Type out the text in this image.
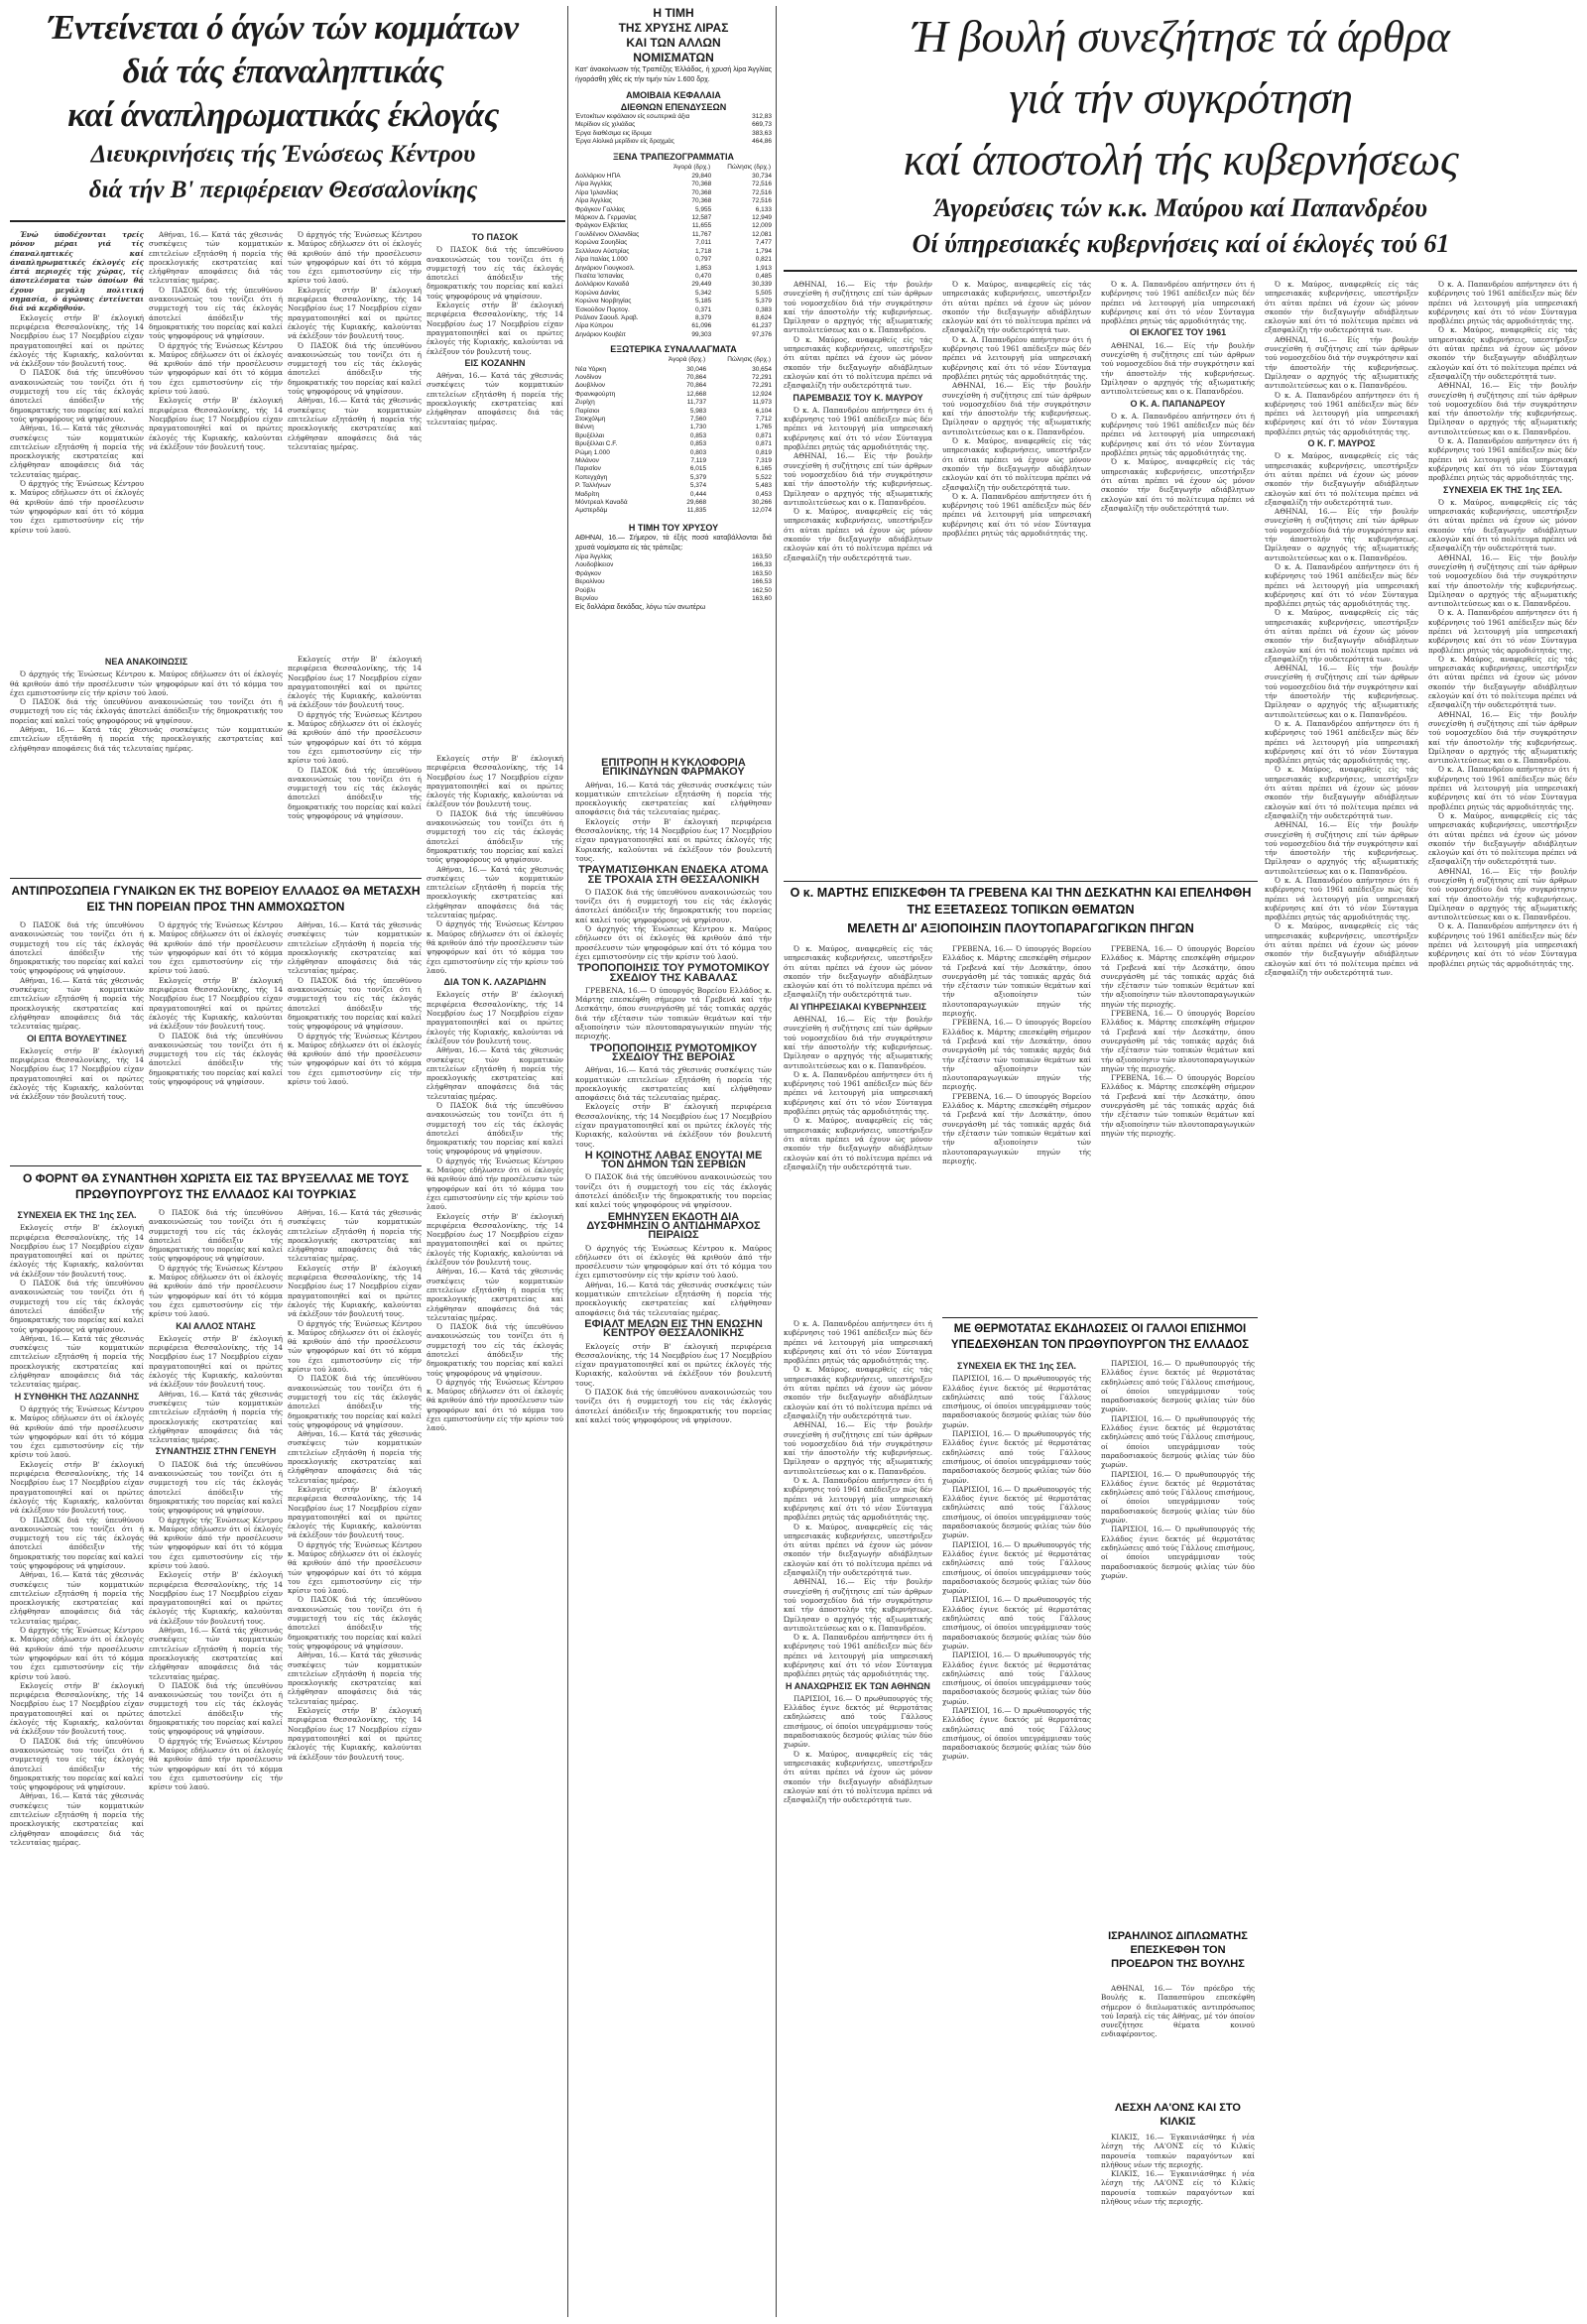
Έντείνεται ό άγών τών κομμάτων
διά τάς έπαναληπτικάς
καί άναπληρωματικάς έκλογάς
Διευκρινήσεις τής Ένώσεως Κέντρου
διά τήν Β' περιφέρειαν Θεσσαλονίκης
Η ΤΙΜΗ
ΤΗΣ ΧΡΥΣΗΣ ΛΙΡΑΣ
ΚΑΙ ΤΩΝ ΑΛΛΩΝ
ΝΟΜΙΣΜΑΤΩΝ
Κατ' άνακοίνωσιν τής Τραπέζης Έλλάδος, ή χρυσή λίρα Άγγλίας ήγοράσθη χθές είς τήν τιμήν τών 1.600 δρχ.
ΑΜΟΙΒΑΙΑ ΚΕΦΑΛΑΙΑ
ΔΙΕΘΝΩΝ ΕΠΕΝΔΥΣΕΩΝ
Έντοκίτων κεφάλαιον είς εσωτερικά άξια	312,83
Μερίδιον είς χιλιάδας	669,73
Έργα διαθέσιμα εις ίδρυμα	383,63
Έργα Αίολικά μερίδιον είς δραχμάς	464,86
ΞΕΝΑ ΤΡΑΠΕΖΟΓΡΑΜΜΑΤΙΑ
	Άγορά (δρχ.)	Πώλησις (δρχ.)
Δολλάριον ΗΠΑ	29,840	30,734
Λίρα Άγγλίας	70,368	72,516
Λίρα Ίρλανδίας	70,368	72,516
Λίρα Άγγλίας	70,368	72,516
Φράγκον Γαλλίας	5,955	6,133
Μάρκον Δ. Γερμανίας	12,587	12,949
Φράγκον Ελβετίας	11,655	12,009
Γουλδένιον Ολλανδίας	11,767	12,081
Κορώνα Σουηδίας	7,011	7,477
Σελλίνιον Αύστρίας	1,718	1,794
Λίρα Ιταλίας 1.000	0,797	0,821
Δηνάριον Γιουγκοσλ.	1,853	1,913
Πεσέτα Ίσπανίας	0,470	0,485
Δολλάριον Καναδά	29,449	30,339
Κορώνα Δανίας	5,342	5,505
Κορώνα Νορβηγίας	5,185	5,379
Έσκούδον Πορτογ.	0,371	0,383
Ρεάλιον Σαουδ. Άραβ.	8,379	8,624
Λίρα Κύπρου	61,096	61,237
Δηνάριον Κουβέιτ	99,303	97,376
ΕΞΩΤΕΡΙΚΑ ΣΥΝΑΛΛΑΓΜΑΤΑ
	Άγορά (δρχ.)	Πώλησις (δρχ.)
Νέα Υόρκη	30,046	30,654
Λονδίνον	70,864	72,291
Δουβλίνον	70,864	72,291
Φρανκφούρτη	12,668	12,924
Ζυρίχη	11,737	11,973
Παρίσιοι	5,983	6,104
Στοκχόλμη	7,560	7,712
Βιέννη	1,730	1,765
Βρυξέλλαι	0,853	0,871
Βρυξέλλαι C.F.	0,853	0,871
Ρώμη 1.000	0,803	0,819
Μιλάνον	7,119	7,319
Παρισίον	6,015	6,165
Κοπεγχάγη	5,379	5,522
Ρ. Ταλλήνων	5,374	5,483
Μαδρίτη	0,444	0,453
Μόντρεαλ Καναδά	29,668	30,266
Αμστερδάμ	11,835	12,074
Η ΤΙΜΗ ΤΟΥ ΧΡΥΣΟΥ
ΑΘΗΝΑΙ, 16.— Σήμερον, τά έξής ποσά καταβάλλονται διά χρυσά νομίσματα είς τάς τράπεζας:
Λίρα Άγγλίας	163,50
Λουδοβίκειον	166,33
Φράγκον	163,50
Βερολίνου	166,53
Ρούβλι	162,50
Βερνίου	163,60
Είς δολλάρια δεκάδας, λόγω τών ανωτέρω
Ή βουλή συνεζήτησε τά άρθρα
γιά τήν συγκρότηση
καί άποστολή τής κυβερνήσεως
Άγορεύσεις τών κ.κ. Μαύρου καί Παπανδρέου
Οί ύπηρεσιακές κυβερνήσεις καί οί έκλογές τού 61

Ένώ ύποδέχονται τρείς μόνον μέραι γιά τίς έπαναληπτικές καί άναπληρωματικές έκλογές είς έπτά περιοχές τής χώρας, τίς άποτελέσματα τών όποίων θά έχουν μεγάλη πολιτική σημασία, ό άγώνας έντείνεται διά νά κερδηθούν.

Εκλογείς στήν Β' έκλογική περιφέρεια Θεσσαλονίκης, τής 14 Νοεμβρίου έως 17 Νοεμβρίου είχαν πραγματοποιηθεί καί οι πρώτες έκλογές τής Κυριακής, καλούνται νά έκλέξουν τόν βουλευτή τους.

Ό ΠΑΣΟΚ διά τής ύπευθύνου ανακοινώσεώς του τονίζει ότι ή συμμετοχή του είς τάς έκλογάς άποτελεί άπόδειξιν τής δημοκρατικής του πορείας καί καλεί τούς ψηφοφόρους νά ψηφίσουν.

Αθήναι, 16.— Κατά τάς χθεσινάς συσκέψεις τών κομματικών επιτελείων εξητάσθη ή πορεία τής προεκλογικής εκστρατείας καί ελήφθησαν αποφάσεις διά τάς τελευταίας ημέρας.

Ό άρχηγός τής Ένώσεως Κέντρου κ. Μαύρος εδήλωσεν ότι οί έκλογές θά κριθούν άπό τήν προσέλευσιν τών ψηφοφόρων καί ότι τό κόμμα του έχει εμπιστοσύνην είς τήν κρίσιν τού λαού.

Αθήναι, 16.— Κατά τάς χθεσινάς συσκέψεις τών κομματικών επιτελείων εξητάσθη ή πορεία τής προεκλογικής εκστρατείας καί ελήφθησαν αποφάσεις διά τάς τελευταίας ημέρας.

Ό ΠΑΣΟΚ διά τής ύπευθύνου ανακοινώσεώς του τονίζει ότι ή συμμετοχή του είς τάς έκλογάς άποτελεί άπόδειξιν τής δημοκρατικής του πορείας καί καλεί τούς ψηφοφόρους νά ψηφίσουν.

Ό άρχηγός τής Ένώσεως Κέντρου κ. Μαύρος εδήλωσεν ότι οί έκλογές θά κριθούν άπό τήν προσέλευσιν τών ψηφοφόρων καί ότι τό κόμμα του έχει εμπιστοσύνην είς τήν κρίσιν τού λαού.

Εκλογείς στήν Β' έκλογική περιφέρεια Θεσσαλονίκης, τής 14 Νοεμβρίου έως 17 Νοεμβρίου είχαν πραγματοποιηθεί καί οι πρώτες έκλογές τής Κυριακής, καλούνται νά έκλέξουν τόν βουλευτή τους.

Ό άρχηγός τής Ένώσεως Κέντρου κ. Μαύρος εδήλωσεν ότι οί έκλογές θά κριθούν άπό τήν προσέλευσιν τών ψηφοφόρων καί ότι τό κόμμα του έχει εμπιστοσύνην είς τήν κρίσιν τού λαού.

Εκλογείς στήν Β' έκλογική περιφέρεια Θεσσαλονίκης, τής 14 Νοεμβρίου έως 17 Νοεμβρίου είχαν πραγματοποιηθεί καί οι πρώτες έκλογές τής Κυριακής, καλούνται νά έκλέξουν τόν βουλευτή τους.

Ό ΠΑΣΟΚ διά τής ύπευθύνου ανακοινώσεώς του τονίζει ότι ή συμμετοχή του είς τάς έκλογάς άποτελεί άπόδειξιν τής δημοκρατικής του πορείας καί καλεί τούς ψηφοφόρους νά ψηφίσουν.

Αθήναι, 16.— Κατά τάς χθεσινάς συσκέψεις τών κομματικών επιτελείων εξητάσθη ή πορεία τής προεκλογικής εκστρατείας καί ελήφθησαν αποφάσεις διά τάς τελευταίας ημέρας.

ΤΟ ΠΑΣΟΚ

Ό ΠΑΣΟΚ διά τής ύπευθύνου ανακοινώσεώς του τονίζει ότι ή συμμετοχή του είς τάς έκλογάς άποτελεί άπόδειξιν τής δημοκρατικής του πορείας καί καλεί τούς ψηφοφόρους νά ψηφίσουν.

Εκλογείς στήν Β' έκλογική περιφέρεια Θεσσαλονίκης, τής 14 Νοεμβρίου έως 17 Νοεμβρίου είχαν πραγματοποιηθεί καί οι πρώτες έκλογές τής Κυριακής, καλούνται νά έκλέξουν τόν βουλευτή τους.

ΕΙΣ ΚΟΖΑΝΗΝ

Αθήναι, 16.— Κατά τάς χθεσινάς συσκέψεις τών κομματικών επιτελείων εξητάσθη ή πορεία τής προεκλογικής εκστρατείας καί ελήφθησαν αποφάσεις διά τάς τελευταίας ημέρας.

ΝΕΑ ΑΝΑΚΟΙΝΩΣΙΣ

Ό άρχηγός τής Ένώσεως Κέντρου κ. Μαύρος εδήλωσεν ότι οί έκλογές θά κριθούν άπό τήν προσέλευσιν τών ψηφοφόρων καί ότι τό κόμμα του έχει εμπιστοσύνην είς τήν κρίσιν τού λαού.

Ό ΠΑΣΟΚ διά τής ύπευθύνου ανακοινώσεώς του τονίζει ότι ή συμμετοχή του είς τάς έκλογάς άποτελεί άπόδειξιν τής δημοκρατικής του πορείας καί καλεί τούς ψηφοφόρους νά ψηφίσουν.

Αθήναι, 16.— Κατά τάς χθεσινάς συσκέψεις τών κομματικών επιτελείων εξητάσθη ή πορεία τής προεκλογικής εκστρατείας καί ελήφθησαν αποφάσεις διά τάς τελευταίας ημέρας.

Εκλογείς στήν Β' έκλογική περιφέρεια Θεσσαλονίκης, τής 14 Νοεμβρίου έως 17 Νοεμβρίου είχαν πραγματοποιηθεί καί οι πρώτες έκλογές τής Κυριακής, καλούνται νά έκλέξουν τόν βουλευτή τους.

Ό άρχηγός τής Ένώσεως Κέντρου κ. Μαύρος εδήλωσεν ότι οί έκλογές θά κριθούν άπό τήν προσέλευσιν τών ψηφοφόρων καί ότι τό κόμμα του έχει εμπιστοσύνην είς τήν κρίσιν τού λαού.

Ό ΠΑΣΟΚ διά τής ύπευθύνου ανακοινώσεώς του τονίζει ότι ή συμμετοχή του είς τάς έκλογάς άποτελεί άπόδειξιν τής δημοκρατικής του πορείας καί καλεί τούς ψηφοφόρους νά ψηφίσουν.

ΑΝΤΙΠΡΟΣΩΠΕΙΑ ΓΥΝΑΙΚΩΝ ΕΚ ΤΗΣ ΒΟΡΕΙΟΥ ΕΛΛΑΔΟΣ ΘΑ ΜΕΤΑΣΧΗ ΕΙΣ ΤΗΝ ΠΟΡΕΙΑΝ ΠΡΟΣ ΤΗΝ ΑΜΜΟΧΩΣΤΟΝ

Ό ΠΑΣΟΚ διά τής ύπευθύνου ανακοινώσεώς του τονίζει ότι ή συμμετοχή του είς τάς έκλογάς άποτελεί άπόδειξιν τής δημοκρατικής του πορείας καί καλεί τούς ψηφοφόρους νά ψηφίσουν.

Αθήναι, 16.— Κατά τάς χθεσινάς συσκέψεις τών κομματικών επιτελείων εξητάσθη ή πορεία τής προεκλογικής εκστρατείας καί ελήφθησαν αποφάσεις διά τάς τελευταίας ημέρας.

ΟΙ ΕΠΤΑ ΒΟΥΛΕΥΤΙΝΕΣ

Εκλογείς στήν Β' έκλογική περιφέρεια Θεσσαλονίκης, τής 14 Νοεμβρίου έως 17 Νοεμβρίου είχαν πραγματοποιηθεί καί οι πρώτες έκλογές τής Κυριακής, καλούνται νά έκλέξουν τόν βουλευτή τους.

Ό άρχηγός τής Ένώσεως Κέντρου κ. Μαύρος εδήλωσεν ότι οί έκλογές θά κριθούν άπό τήν προσέλευσιν τών ψηφοφόρων καί ότι τό κόμμα του έχει εμπιστοσύνην είς τήν κρίσιν τού λαού.

Εκλογείς στήν Β' έκλογική περιφέρεια Θεσσαλονίκης, τής 14 Νοεμβρίου έως 17 Νοεμβρίου είχαν πραγματοποιηθεί καί οι πρώτες έκλογές τής Κυριακής, καλούνται νά έκλέξουν τόν βουλευτή τους.

Ό ΠΑΣΟΚ διά τής ύπευθύνου ανακοινώσεώς του τονίζει ότι ή συμμετοχή του είς τάς έκλογάς άποτελεί άπόδειξιν τής δημοκρατικής του πορείας καί καλεί τούς ψηφοφόρους νά ψηφίσουν.

Αθήναι, 16.— Κατά τάς χθεσινάς συσκέψεις τών κομματικών επιτελείων εξητάσθη ή πορεία τής προεκλογικής εκστρατείας καί ελήφθησαν αποφάσεις διά τάς τελευταίας ημέρας.

Ό ΠΑΣΟΚ διά τής ύπευθύνου ανακοινώσεώς του τονίζει ότι ή συμμετοχή του είς τάς έκλογάς άποτελεί άπόδειξιν τής δημοκρατικής του πορείας καί καλεί τούς ψηφοφόρους νά ψηφίσουν.

Ό άρχηγός τής Ένώσεως Κέντρου κ. Μαύρος εδήλωσεν ότι οί έκλογές θά κριθούν άπό τήν προσέλευσιν τών ψηφοφόρων καί ότι τό κόμμα του έχει εμπιστοσύνην είς τήν κρίσιν τού λαού.

Εκλογείς στήν Β' έκλογική περιφέρεια Θεσσαλονίκης, τής 14 Νοεμβρίου έως 17 Νοεμβρίου είχαν πραγματοποιηθεί καί οι πρώτες έκλογές τής Κυριακής, καλούνται νά έκλέξουν τόν βουλευτή τους.

Ό ΠΑΣΟΚ διά τής ύπευθύνου ανακοινώσεώς του τονίζει ότι ή συμμετοχή του είς τάς έκλογάς άποτελεί άπόδειξιν τής δημοκρατικής του πορείας καί καλεί τούς ψηφοφόρους νά ψηφίσουν.

Αθήναι, 16.— Κατά τάς χθεσινάς συσκέψεις τών κομματικών επιτελείων εξητάσθη ή πορεία τής προεκλογικής εκστρατείας καί ελήφθησαν αποφάσεις διά τάς τελευταίας ημέρας.

Ό άρχηγός τής Ένώσεως Κέντρου κ. Μαύρος εδήλωσεν ότι οί έκλογές θά κριθούν άπό τήν προσέλευσιν τών ψηφοφόρων καί ότι τό κόμμα του έχει εμπιστοσύνην είς τήν κρίσιν τού λαού.

ΔΙΑ ΤΟΝ Κ. ΛΑΖΑΡΙΔΗΝ

Εκλογείς στήν Β' έκλογική περιφέρεια Θεσσαλονίκης, τής 14 Νοεμβρίου έως 17 Νοεμβρίου είχαν πραγματοποιηθεί καί οι πρώτες έκλογές τής Κυριακής, καλούνται νά έκλέξουν τόν βουλευτή τους.

Αθήναι, 16.— Κατά τάς χθεσινάς συσκέψεις τών κομματικών επιτελείων εξητάσθη ή πορεία τής προεκλογικής εκστρατείας καί ελήφθησαν αποφάσεις διά τάς τελευταίας ημέρας.

Ό ΠΑΣΟΚ διά τής ύπευθύνου ανακοινώσεώς του τονίζει ότι ή συμμετοχή του είς τάς έκλογάς άποτελεί άπόδειξιν τής δημοκρατικής του πορείας καί καλεί τούς ψηφοφόρους νά ψηφίσουν.

Ό άρχηγός τής Ένώσεως Κέντρου κ. Μαύρος εδήλωσεν ότι οί έκλογές θά κριθούν άπό τήν προσέλευσιν τών ψηφοφόρων καί ότι τό κόμμα του έχει εμπιστοσύνην είς τήν κρίσιν τού λαού.

Εκλογείς στήν Β' έκλογική περιφέρεια Θεσσαλονίκης, τής 14 Νοεμβρίου έως 17 Νοεμβρίου είχαν πραγματοποιηθεί καί οι πρώτες έκλογές τής Κυριακής, καλούνται νά έκλέξουν τόν βουλευτή τους.

Αθήναι, 16.— Κατά τάς χθεσινάς συσκέψεις τών κομματικών επιτελείων εξητάσθη ή πορεία τής προεκλογικής εκστρατείας καί ελήφθησαν αποφάσεις διά τάς τελευταίας ημέρας.

Ό ΠΑΣΟΚ διά τής ύπευθύνου ανακοινώσεώς του τονίζει ότι ή συμμετοχή του είς τάς έκλογάς άποτελεί άπόδειξιν τής δημοκρατικής του πορείας καί καλεί τούς ψηφοφόρους νά ψηφίσουν.

Ό άρχηγός τής Ένώσεως Κέντρου κ. Μαύρος εδήλωσεν ότι οί έκλογές θά κριθούν άπό τήν προσέλευσιν τών ψηφοφόρων καί ότι τό κόμμα του έχει εμπιστοσύνην είς τήν κρίσιν τού λαού.

Ο ΦΟΡΝΤ ΘΑ ΣΥΝΑΝΤΗΘΗ ΧΩΡΙΣΤΑ ΕΙΣ ΤΑΣ ΒΡΥΞΕΛΛΑΣ ΜΕ ΤΟΥΣ ΠΡΩΘΥΠΟΥΡΓΟΥΣ ΤΗΣ ΕΛΛΑΔΟΣ ΚΑΙ ΤΟΥΡΚΙΑΣ
ΣΥΝΕΧΕΙΑ ΕΚ ΤΗΣ 1ης ΣΕΛ.

Εκλογείς στήν Β' έκλογική περιφέρεια Θεσσαλονίκης, τής 14 Νοεμβρίου έως 17 Νοεμβρίου είχαν πραγματοποιηθεί καί οι πρώτες έκλογές τής Κυριακής, καλούνται νά έκλέξουν τόν βουλευτή τους.

Ό ΠΑΣΟΚ διά τής ύπευθύνου ανακοινώσεώς του τονίζει ότι ή συμμετοχή του είς τάς έκλογάς άποτελεί άπόδειξιν τής δημοκρατικής του πορείας καί καλεί τούς ψηφοφόρους νά ψηφίσουν.

Αθήναι, 16.— Κατά τάς χθεσινάς συσκέψεις τών κομματικών επιτελείων εξητάσθη ή πορεία τής προεκλογικής εκστρατείας καί ελήφθησαν αποφάσεις διά τάς τελευταίας ημέρας.

Η ΣΥΝΘΗΚΗ ΤΗΣ ΛΩΖΑΝΝΗΣ

Ό άρχηγός τής Ένώσεως Κέντρου κ. Μαύρος εδήλωσεν ότι οί έκλογές θά κριθούν άπό τήν προσέλευσιν τών ψηφοφόρων καί ότι τό κόμμα του έχει εμπιστοσύνην είς τήν κρίσιν τού λαού.

Εκλογείς στήν Β' έκλογική περιφέρεια Θεσσαλονίκης, τής 14 Νοεμβρίου έως 17 Νοεμβρίου είχαν πραγματοποιηθεί καί οι πρώτες έκλογές τής Κυριακής, καλούνται νά έκλέξουν τόν βουλευτή τους.

Ό ΠΑΣΟΚ διά τής ύπευθύνου ανακοινώσεώς του τονίζει ότι ή συμμετοχή του είς τάς έκλογάς άποτελεί άπόδειξιν τής δημοκρατικής του πορείας καί καλεί τούς ψηφοφόρους νά ψηφίσουν.

Αθήναι, 16.— Κατά τάς χθεσινάς συσκέψεις τών κομματικών επιτελείων εξητάσθη ή πορεία τής προεκλογικής εκστρατείας καί ελήφθησαν αποφάσεις διά τάς τελευταίας ημέρας.

Ό άρχηγός τής Ένώσεως Κέντρου κ. Μαύρος εδήλωσεν ότι οί έκλογές θά κριθούν άπό τήν προσέλευσιν τών ψηφοφόρων καί ότι τό κόμμα του έχει εμπιστοσύνην είς τήν κρίσιν τού λαού.

Εκλογείς στήν Β' έκλογική περιφέρεια Θεσσαλονίκης, τής 14 Νοεμβρίου έως 17 Νοεμβρίου είχαν πραγματοποιηθεί καί οι πρώτες έκλογές τής Κυριακής, καλούνται νά έκλέξουν τόν βουλευτή τους.

Ό ΠΑΣΟΚ διά τής ύπευθύνου ανακοινώσεώς του τονίζει ότι ή συμμετοχή του είς τάς έκλογάς άποτελεί άπόδειξιν τής δημοκρατικής του πορείας καί καλεί τούς ψηφοφόρους νά ψηφίσουν.

Αθήναι, 16.— Κατά τάς χθεσινάς συσκέψεις τών κομματικών επιτελείων εξητάσθη ή πορεία τής προεκλογικής εκστρατείας καί ελήφθησαν αποφάσεις διά τάς τελευταίας ημέρας.

Ό ΠΑΣΟΚ διά τής ύπευθύνου ανακοινώσεώς του τονίζει ότι ή συμμετοχή του είς τάς έκλογάς άποτελεί άπόδειξιν τής δημοκρατικής του πορείας καί καλεί τούς ψηφοφόρους νά ψηφίσουν.

Ό άρχηγός τής Ένώσεως Κέντρου κ. Μαύρος εδήλωσεν ότι οί έκλογές θά κριθούν άπό τήν προσέλευσιν τών ψηφοφόρων καί ότι τό κόμμα του έχει εμπιστοσύνην είς τήν κρίσιν τού λαού.

ΚΑΙ ΑΛΛΟΣ ΝΤΑΗΣ

Εκλογείς στήν Β' έκλογική περιφέρεια Θεσσαλονίκης, τής 14 Νοεμβρίου έως 17 Νοεμβρίου είχαν πραγματοποιηθεί καί οι πρώτες έκλογές τής Κυριακής, καλούνται νά έκλέξουν τόν βουλευτή τους.

Αθήναι, 16.— Κατά τάς χθεσινάς συσκέψεις τών κομματικών επιτελείων εξητάσθη ή πορεία τής προεκλογικής εκστρατείας καί ελήφθησαν αποφάσεις διά τάς τελευταίας ημέρας.

ΣΥΝΑΝΤΗΣΙΣ ΣΤΗΝ ΓΕΝΕΥΗ

Ό ΠΑΣΟΚ διά τής ύπευθύνου ανακοινώσεώς του τονίζει ότι ή συμμετοχή του είς τάς έκλογάς άποτελεί άπόδειξιν τής δημοκρατικής του πορείας καί καλεί τούς ψηφοφόρους νά ψηφίσουν.

Ό άρχηγός τής Ένώσεως Κέντρου κ. Μαύρος εδήλωσεν ότι οί έκλογές θά κριθούν άπό τήν προσέλευσιν τών ψηφοφόρων καί ότι τό κόμμα του έχει εμπιστοσύνην είς τήν κρίσιν τού λαού.

Εκλογείς στήν Β' έκλογική περιφέρεια Θεσσαλονίκης, τής 14 Νοεμβρίου έως 17 Νοεμβρίου είχαν πραγματοποιηθεί καί οι πρώτες έκλογές τής Κυριακής, καλούνται νά έκλέξουν τόν βουλευτή τους.

Αθήναι, 16.— Κατά τάς χθεσινάς συσκέψεις τών κομματικών επιτελείων εξητάσθη ή πορεία τής προεκλογικής εκστρατείας καί ελήφθησαν αποφάσεις διά τάς τελευταίας ημέρας.

Ό ΠΑΣΟΚ διά τής ύπευθύνου ανακοινώσεώς του τονίζει ότι ή συμμετοχή του είς τάς έκλογάς άποτελεί άπόδειξιν τής δημοκρατικής του πορείας καί καλεί τούς ψηφοφόρους νά ψηφίσουν.

Ό άρχηγός τής Ένώσεως Κέντρου κ. Μαύρος εδήλωσεν ότι οί έκλογές θά κριθούν άπό τήν προσέλευσιν τών ψηφοφόρων καί ότι τό κόμμα του έχει εμπιστοσύνην είς τήν κρίσιν τού λαού.

Αθήναι, 16.— Κατά τάς χθεσινάς συσκέψεις τών κομματικών επιτελείων εξητάσθη ή πορεία τής προεκλογικής εκστρατείας καί ελήφθησαν αποφάσεις διά τάς τελευταίας ημέρας.

Εκλογείς στήν Β' έκλογική περιφέρεια Θεσσαλονίκης, τής 14 Νοεμβρίου έως 17 Νοεμβρίου είχαν πραγματοποιηθεί καί οι πρώτες έκλογές τής Κυριακής, καλούνται νά έκλέξουν τόν βουλευτή τους.

Ό άρχηγός τής Ένώσεως Κέντρου κ. Μαύρος εδήλωσεν ότι οί έκλογές θά κριθούν άπό τήν προσέλευσιν τών ψηφοφόρων καί ότι τό κόμμα του έχει εμπιστοσύνην είς τήν κρίσιν τού λαού.

Ό ΠΑΣΟΚ διά τής ύπευθύνου ανακοινώσεώς του τονίζει ότι ή συμμετοχή του είς τάς έκλογάς άποτελεί άπόδειξιν τής δημοκρατικής του πορείας καί καλεί τούς ψηφοφόρους νά ψηφίσουν.

Αθήναι, 16.— Κατά τάς χθεσινάς συσκέψεις τών κομματικών επιτελείων εξητάσθη ή πορεία τής προεκλογικής εκστρατείας καί ελήφθησαν αποφάσεις διά τάς τελευταίας ημέρας.

Εκλογείς στήν Β' έκλογική περιφέρεια Θεσσαλονίκης, τής 14 Νοεμβρίου έως 17 Νοεμβρίου είχαν πραγματοποιηθεί καί οι πρώτες έκλογές τής Κυριακής, καλούνται νά έκλέξουν τόν βουλευτή τους.

Ό άρχηγός τής Ένώσεως Κέντρου κ. Μαύρος εδήλωσεν ότι οί έκλογές θά κριθούν άπό τήν προσέλευσιν τών ψηφοφόρων καί ότι τό κόμμα του έχει εμπιστοσύνην είς τήν κρίσιν τού λαού.

Ό ΠΑΣΟΚ διά τής ύπευθύνου ανακοινώσεώς του τονίζει ότι ή συμμετοχή του είς τάς έκλογάς άποτελεί άπόδειξιν τής δημοκρατικής του πορείας καί καλεί τούς ψηφοφόρους νά ψηφίσουν.

Αθήναι, 16.— Κατά τάς χθεσινάς συσκέψεις τών κομματικών επιτελείων εξητάσθη ή πορεία τής προεκλογικής εκστρατείας καί ελήφθησαν αποφάσεις διά τάς τελευταίας ημέρας.

Εκλογείς στήν Β' έκλογική περιφέρεια Θεσσαλονίκης, τής 14 Νοεμβρίου έως 17 Νοεμβρίου είχαν πραγματοποιηθεί καί οι πρώτες έκλογές τής Κυριακής, καλούνται νά έκλέξουν τόν βουλευτή τους.

ΕΠΙΤΡΟΠΗ Η ΚΥΚΛΟΦΟΡΙΑ ΕΠΙΚΙΝΔΥΝΩΝ ΦΑΡΜΑΚΟΥ

Αθήναι, 16.— Κατά τάς χθεσινάς συσκέψεις τών κομματικών επιτελείων εξητάσθη ή πορεία τής προεκλογικής εκστρατείας καί ελήφθησαν αποφάσεις διά τάς τελευταίας ημέρας.

Εκλογείς στήν Β' έκλογική περιφέρεια Θεσσαλονίκης, τής 14 Νοεμβρίου έως 17 Νοεμβρίου είχαν πραγματοποιηθεί καί οι πρώτες έκλογές τής Κυριακής, καλούνται νά έκλέξουν τόν βουλευτή τους.

ΤΡΑΥΜΑΤΙΣΘΗΚΑΝ ΕΝΔΕΚΑ ΑΤΟΜΑ ΣΕ ΤΡΟΧΑΙΑ ΣΤΗ ΘΕΣΣΑΛΟΝΙΚΗ

Ό ΠΑΣΟΚ διά τής ύπευθύνου ανακοινώσεώς του τονίζει ότι ή συμμετοχή του είς τάς έκλογάς άποτελεί άπόδειξιν τής δημοκρατικής του πορείας καί καλεί τούς ψηφοφόρους νά ψηφίσουν.

Ό άρχηγός τής Ένώσεως Κέντρου κ. Μαύρος εδήλωσεν ότι οί έκλογές θά κριθούν άπό τήν προσέλευσιν τών ψηφοφόρων καί ότι τό κόμμα του έχει εμπιστοσύνην είς τήν κρίσιν τού λαού.

ΤΡΟΠΟΠΟΙΗΣΙΣ ΤΟΥ ΡΥΜΟΤΟΜΙΚΟΥ ΣΧΕΔΙΟΥ ΤΗΣ ΚΑΒΑΛΑΣ

ΓΡΕΒΕΝΑ, 16.— Ό ύπουργός Βορείου Ελλάδος κ. Μάρτης επεσκέφθη σήμερον τά Γρεβενά καί τήν Δεσκάτην, όπου συνεργάσθη μέ τάς τοπικάς αρχάς διά τήν εξέτασιν τών τοπικών θεμάτων καί τήν αξιοποίησιν τών πλουτοπαραγωγικών πηγών τής περιοχής.

ΤΡΟΠΟΠΟΙΗΣΙΣ ΡΥΜΟΤΟΜΙΚΟΥ ΣΧΕΔΙΟΥ ΤΗΣ ΒΕΡΟΙΑΣ

Αθήναι, 16.— Κατά τάς χθεσινάς συσκέψεις τών κομματικών επιτελείων εξητάσθη ή πορεία τής προεκλογικής εκστρατείας καί ελήφθησαν αποφάσεις διά τάς τελευταίας ημέρας.

Εκλογείς στήν Β' έκλογική περιφέρεια Θεσσαλονίκης, τής 14 Νοεμβρίου έως 17 Νοεμβρίου είχαν πραγματοποιηθεί καί οι πρώτες έκλογές τής Κυριακής, καλούνται νά έκλέξουν τόν βουλευτή τους.

Η ΚΟΙΝΟΤΗΣ ΛΑΒΑΣ ΕΝΟΥΤΑΙ ΜΕ ΤΟΝ ΔΗΜΟΝ ΤΩΝ ΣΕΡΒΙΩΝ

Ό ΠΑΣΟΚ διά τής ύπευθύνου ανακοινώσεώς του τονίζει ότι ή συμμετοχή του είς τάς έκλογάς άποτελεί άπόδειξιν τής δημοκρατικής του πορείας καί καλεί τούς ψηφοφόρους νά ψηφίσουν.

ΕΜΗΝΥΣΕΝ ΕΚΔΟΤΗ ΔΙΑ ΔΥΣΦΗΜΗΣΙΝ Ο ΑΝΤΙΔΗΜΑΡΧΟΣ ΠΕΙΡΑΙΩΣ

Ό άρχηγός τής Ένώσεως Κέντρου κ. Μαύρος εδήλωσεν ότι οί έκλογές θά κριθούν άπό τήν προσέλευσιν τών ψηφοφόρων καί ότι τό κόμμα του έχει εμπιστοσύνην είς τήν κρίσιν τού λαού.

Αθήναι, 16.— Κατά τάς χθεσινάς συσκέψεις τών κομματικών επιτελείων εξητάσθη ή πορεία τής προεκλογικής εκστρατείας καί ελήφθησαν αποφάσεις διά τάς τελευταίας ημέρας.

ΕΦΙΑΛΤ ΜΕΛΩΝ ΕΙΣ ΤΗΝ ΕΝΩΣΗΝ ΚΕΝΤΡΟΥ ΘΕΣΣΑΛΟΝΙΚΗΣ

Εκλογείς στήν Β' έκλογική περιφέρεια Θεσσαλονίκης, τής 14 Νοεμβρίου έως 17 Νοεμβρίου είχαν πραγματοποιηθεί καί οι πρώτες έκλογές τής Κυριακής, καλούνται νά έκλέξουν τόν βουλευτή τους.

Ό ΠΑΣΟΚ διά τής ύπευθύνου ανακοινώσεώς του τονίζει ότι ή συμμετοχή του είς τάς έκλογάς άποτελεί άπόδειξιν τής δημοκρατικής του πορείας καί καλεί τούς ψηφοφόρους νά ψηφίσουν.

ΑΘΗΝΑΙ, 16.— Είς τήν βουλήν συνεχίσθη ή συζήτησις επί τών άρθρων τού νομοσχεδίου διά τήν συγκρότησιν καί τήν άποστολήν τής κυβερνήσεως. Ώμίλησαν ο αρχηγός τής αξιωματικής αντιπολιτεύσεως και ο κ. Παπανδρέου.

Ό κ. Μαύρος, αναφερθείς είς τάς υπηρεσιακάς κυβερνήσεις, υπεστήριξεν ότι αύται πρέπει νά έχουν ώς μόνον σκοπόν τήν διεξαγωγήν αδιάβλητων εκλογών καί ότι τό πολίτευμα πρέπει νά εξασφαλίζη τήν ουδετερότητά των.

ΠΑΡΕΜΒΑΣΙΣ ΤΟΥ Κ. ΜΑΥΡΟΥ

Ό κ. Α. Παπανδρέου απήντησεν ότι ή κυβέρνησις τού 1961 απέδειξεν πώς δέν πρέπει νά λειτουργή μία υπηρεσιακή κυβέρνησις καί ότι τό νέον Σύνταγμα προβλέπει ρητώς τάς αρμοδιότητάς της.

ΑΘΗΝΑΙ, 16.— Είς τήν βουλήν συνεχίσθη ή συζήτησις επί τών άρθρων τού νομοσχεδίου διά τήν συγκρότησιν καί τήν άποστολήν τής κυβερνήσεως. Ώμίλησαν ο αρχηγός τής αξιωματικής αντιπολιτεύσεως και ο κ. Παπανδρέου.

Ό κ. Μαύρος, αναφερθείς είς τάς υπηρεσιακάς κυβερνήσεις, υπεστήριξεν ότι αύται πρέπει νά έχουν ώς μόνον σκοπόν τήν διεξαγωγήν αδιάβλητων εκλογών καί ότι τό πολίτευμα πρέπει νά εξασφαλίζη τήν ουδετερότητά των.

Ό κ. Μαύρος, αναφερθείς είς τάς υπηρεσιακάς κυβερνήσεις, υπεστήριξεν ότι αύται πρέπει νά έχουν ώς μόνον σκοπόν τήν διεξαγωγήν αδιάβλητων εκλογών καί ότι τό πολίτευμα πρέπει νά εξασφαλίζη τήν ουδετερότητά των.

Ό κ. Α. Παπανδρέου απήντησεν ότι ή κυβέρνησις τού 1961 απέδειξεν πώς δέν πρέπει νά λειτουργή μία υπηρεσιακή κυβέρνησις καί ότι τό νέον Σύνταγμα προβλέπει ρητώς τάς αρμοδιότητάς της.

ΑΘΗΝΑΙ, 16.— Είς τήν βουλήν συνεχίσθη ή συζήτησις επί τών άρθρων τού νομοσχεδίου διά τήν συγκρότησιν καί τήν άποστολήν τής κυβερνήσεως. Ώμίλησαν ο αρχηγός τής αξιωματικής αντιπολιτεύσεως και ο κ. Παπανδρέου.

Ό κ. Μαύρος, αναφερθείς είς τάς υπηρεσιακάς κυβερνήσεις, υπεστήριξεν ότι αύται πρέπει νά έχουν ώς μόνον σκοπόν τήν διεξαγωγήν αδιάβλητων εκλογών καί ότι τό πολίτευμα πρέπει νά εξασφαλίζη τήν ουδετερότητά των.

Ό κ. Α. Παπανδρέου απήντησεν ότι ή κυβέρνησις τού 1961 απέδειξεν πώς δέν πρέπει νά λειτουργή μία υπηρεσιακή κυβέρνησις καί ότι τό νέον Σύνταγμα προβλέπει ρητώς τάς αρμοδιότητάς της.

Ό κ. Α. Παπανδρέου απήντησεν ότι ή κυβέρνησις τού 1961 απέδειξεν πώς δέν πρέπει νά λειτουργή μία υπηρεσιακή κυβέρνησις καί ότι τό νέον Σύνταγμα προβλέπει ρητώς τάς αρμοδιότητάς της.

ΟΙ ΕΚΛΟΓΕΣ ΤΟΥ 1961

ΑΘΗΝΑΙ, 16.— Είς τήν βουλήν συνεχίσθη ή συζήτησις επί τών άρθρων τού νομοσχεδίου διά τήν συγκρότησιν καί τήν άποστολήν τής κυβερνήσεως. Ώμίλησαν ο αρχηγός τής αξιωματικής αντιπολιτεύσεως και ο κ. Παπανδρέου.

Ο Κ. Α. ΠΑΠΑΝΔΡΕΟΥ

Ό κ. Α. Παπανδρέου απήντησεν ότι ή κυβέρνησις τού 1961 απέδειξεν πώς δέν πρέπει νά λειτουργή μία υπηρεσιακή κυβέρνησις καί ότι τό νέον Σύνταγμα προβλέπει ρητώς τάς αρμοδιότητάς της.

Ό κ. Μαύρος, αναφερθείς είς τάς υπηρεσιακάς κυβερνήσεις, υπεστήριξεν ότι αύται πρέπει νά έχουν ώς μόνον σκοπόν τήν διεξαγωγήν αδιάβλητων εκλογών καί ότι τό πολίτευμα πρέπει νά εξασφαλίζη τήν ουδετερότητά των.

Ό κ. Μαύρος, αναφερθείς είς τάς υπηρεσιακάς κυβερνήσεις, υπεστήριξεν ότι αύται πρέπει νά έχουν ώς μόνον σκοπόν τήν διεξαγωγήν αδιάβλητων εκλογών καί ότι τό πολίτευμα πρέπει νά εξασφαλίζη τήν ουδετερότητά των.

ΑΘΗΝΑΙ, 16.— Είς τήν βουλήν συνεχίσθη ή συζήτησις επί τών άρθρων τού νομοσχεδίου διά τήν συγκρότησιν καί τήν άποστολήν τής κυβερνήσεως. Ώμίλησαν ο αρχηγός τής αξιωματικής αντιπολιτεύσεως και ο κ. Παπανδρέου.

Ό κ. Α. Παπανδρέου απήντησεν ότι ή κυβέρνησις τού 1961 απέδειξεν πώς δέν πρέπει νά λειτουργή μία υπηρεσιακή κυβέρνησις καί ότι τό νέον Σύνταγμα προβλέπει ρητώς τάς αρμοδιότητάς της.

Ο Κ. Γ. ΜΑΥΡΟΣ

Ό κ. Μαύρος, αναφερθείς είς τάς υπηρεσιακάς κυβερνήσεις, υπεστήριξεν ότι αύται πρέπει νά έχουν ώς μόνον σκοπόν τήν διεξαγωγήν αδιάβλητων εκλογών καί ότι τό πολίτευμα πρέπει νά εξασφαλίζη τήν ουδετερότητά των.

ΑΘΗΝΑΙ, 16.— Είς τήν βουλήν συνεχίσθη ή συζήτησις επί τών άρθρων τού νομοσχεδίου διά τήν συγκρότησιν καί τήν άποστολήν τής κυβερνήσεως. Ώμίλησαν ο αρχηγός τής αξιωματικής αντιπολιτεύσεως και ο κ. Παπανδρέου.

Ό κ. Α. Παπανδρέου απήντησεν ότι ή κυβέρνησις τού 1961 απέδειξεν πώς δέν πρέπει νά λειτουργή μία υπηρεσιακή κυβέρνησις καί ότι τό νέον Σύνταγμα προβλέπει ρητώς τάς αρμοδιότητάς της.

Ό κ. Μαύρος, αναφερθείς είς τάς υπηρεσιακάς κυβερνήσεις, υπεστήριξεν ότι αύται πρέπει νά έχουν ώς μόνον σκοπόν τήν διεξαγωγήν αδιάβλητων εκλογών καί ότι τό πολίτευμα πρέπει νά εξασφαλίζη τήν ουδετερότητά των.

ΑΘΗΝΑΙ, 16.— Είς τήν βουλήν συνεχίσθη ή συζήτησις επί τών άρθρων τού νομοσχεδίου διά τήν συγκρότησιν καί τήν άποστολήν τής κυβερνήσεως. Ώμίλησαν ο αρχηγός τής αξιωματικής αντιπολιτεύσεως και ο κ. Παπανδρέου.

Ό κ. Α. Παπανδρέου απήντησεν ότι ή κυβέρνησις τού 1961 απέδειξεν πώς δέν πρέπει νά λειτουργή μία υπηρεσιακή κυβέρνησις καί ότι τό νέον Σύνταγμα προβλέπει ρητώς τάς αρμοδιότητάς της.

Ό κ. Μαύρος, αναφερθείς είς τάς υπηρεσιακάς κυβερνήσεις, υπεστήριξεν ότι αύται πρέπει νά έχουν ώς μόνον σκοπόν τήν διεξαγωγήν αδιάβλητων εκλογών καί ότι τό πολίτευμα πρέπει νά εξασφαλίζη τήν ουδετερότητά των.

ΑΘΗΝΑΙ, 16.— Είς τήν βουλήν συνεχίσθη ή συζήτησις επί τών άρθρων τού νομοσχεδίου διά τήν συγκρότησιν καί τήν άποστολήν τής κυβερνήσεως. Ώμίλησαν ο αρχηγός τής αξιωματικής αντιπολιτεύσεως και ο κ. Παπανδρέου.

Ό κ. Α. Παπανδρέου απήντησεν ότι ή κυβέρνησις τού 1961 απέδειξεν πώς δέν πρέπει νά λειτουργή μία υπηρεσιακή κυβέρνησις καί ότι τό νέον Σύνταγμα προβλέπει ρητώς τάς αρμοδιότητάς της.

Ό κ. Μαύρος, αναφερθείς είς τάς υπηρεσιακάς κυβερνήσεις, υπεστήριξεν ότι αύται πρέπει νά έχουν ώς μόνον σκοπόν τήν διεξαγωγήν αδιάβλητων εκλογών καί ότι τό πολίτευμα πρέπει νά εξασφαλίζη τήν ουδετερότητά των.

Ό κ. Α. Παπανδρέου απήντησεν ότι ή κυβέρνησις τού 1961 απέδειξεν πώς δέν πρέπει νά λειτουργή μία υπηρεσιακή κυβέρνησις καί ότι τό νέον Σύνταγμα προβλέπει ρητώς τάς αρμοδιότητάς της.

Ό κ. Μαύρος, αναφερθείς είς τάς υπηρεσιακάς κυβερνήσεις, υπεστήριξεν ότι αύται πρέπει νά έχουν ώς μόνον σκοπόν τήν διεξαγωγήν αδιάβλητων εκλογών καί ότι τό πολίτευμα πρέπει νά εξασφαλίζη τήν ουδετερότητά των.

ΑΘΗΝΑΙ, 16.— Είς τήν βουλήν συνεχίσθη ή συζήτησις επί τών άρθρων τού νομοσχεδίου διά τήν συγκρότησιν καί τήν άποστολήν τής κυβερνήσεως. Ώμίλησαν ο αρχηγός τής αξιωματικής αντιπολιτεύσεως και ο κ. Παπανδρέου.

Ό κ. Α. Παπανδρέου απήντησεν ότι ή κυβέρνησις τού 1961 απέδειξεν πώς δέν πρέπει νά λειτουργή μία υπηρεσιακή κυβέρνησις καί ότι τό νέον Σύνταγμα προβλέπει ρητώς τάς αρμοδιότητάς της.

ΣΥΝΕΧΕΙΑ ΕΚ ΤΗΣ 1ης ΣΕΛ.

Ό κ. Μαύρος, αναφερθείς είς τάς υπηρεσιακάς κυβερνήσεις, υπεστήριξεν ότι αύται πρέπει νά έχουν ώς μόνον σκοπόν τήν διεξαγωγήν αδιάβλητων εκλογών καί ότι τό πολίτευμα πρέπει νά εξασφαλίζη τήν ουδετερότητά των.

ΑΘΗΝΑΙ, 16.— Είς τήν βουλήν συνεχίσθη ή συζήτησις επί τών άρθρων τού νομοσχεδίου διά τήν συγκρότησιν καί τήν άποστολήν τής κυβερνήσεως. Ώμίλησαν ο αρχηγός τής αξιωματικής αντιπολιτεύσεως και ο κ. Παπανδρέου.

Ό κ. Α. Παπανδρέου απήντησεν ότι ή κυβέρνησις τού 1961 απέδειξεν πώς δέν πρέπει νά λειτουργή μία υπηρεσιακή κυβέρνησις καί ότι τό νέον Σύνταγμα προβλέπει ρητώς τάς αρμοδιότητάς της.

Ό κ. Μαύρος, αναφερθείς είς τάς υπηρεσιακάς κυβερνήσεις, υπεστήριξεν ότι αύται πρέπει νά έχουν ώς μόνον σκοπόν τήν διεξαγωγήν αδιάβλητων εκλογών καί ότι τό πολίτευμα πρέπει νά εξασφαλίζη τήν ουδετερότητά των.

ΑΘΗΝΑΙ, 16.— Είς τήν βουλήν συνεχίσθη ή συζήτησις επί τών άρθρων τού νομοσχεδίου διά τήν συγκρότησιν καί τήν άποστολήν τής κυβερνήσεως. Ώμίλησαν ο αρχηγός τής αξιωματικής αντιπολιτεύσεως και ο κ. Παπανδρέου.

Ό κ. Α. Παπανδρέου απήντησεν ότι ή κυβέρνησις τού 1961 απέδειξεν πώς δέν πρέπει νά λειτουργή μία υπηρεσιακή κυβέρνησις καί ότι τό νέον Σύνταγμα προβλέπει ρητώς τάς αρμοδιότητάς της.

Ό κ. Μαύρος, αναφερθείς είς τάς υπηρεσιακάς κυβερνήσεις, υπεστήριξεν ότι αύται πρέπει νά έχουν ώς μόνον σκοπόν τήν διεξαγωγήν αδιάβλητων εκλογών καί ότι τό πολίτευμα πρέπει νά εξασφαλίζη τήν ουδετερότητά των.

ΑΘΗΝΑΙ, 16.— Είς τήν βουλήν συνεχίσθη ή συζήτησις επί τών άρθρων τού νομοσχεδίου διά τήν συγκρότησιν καί τήν άποστολήν τής κυβερνήσεως. Ώμίλησαν ο αρχηγός τής αξιωματικής αντιπολιτεύσεως και ο κ. Παπανδρέου.

Ό κ. Α. Παπανδρέου απήντησεν ότι ή κυβέρνησις τού 1961 απέδειξεν πώς δέν πρέπει νά λειτουργή μία υπηρεσιακή κυβέρνησις καί ότι τό νέον Σύνταγμα προβλέπει ρητώς τάς αρμοδιότητάς της.

Ο κ. ΜΑΡΤΗΣ ΕΠΙΣΚΕΦΘΗ ΤΑ ΓΡΕΒΕΝΑ ΚΑΙ ΤΗΝ ΔΕΣΚΑΤΗΝ ΚΑΙ ΕΠΕΛΗΦΘΗ ΤΗΣ ΕΞΕΤΑΣΕΩΣ ΤΟΠΙΚΩΝ ΘΕΜΑΤΩΝ
ΜΕΛΕΤΗ ΔΙ' ΑΞΙΟΠΟΙΗΣΙΝ ΠΛΟΥΤΟΠΑΡΑΓΩΓΙΚΩΝ ΠΗΓΩΝ

Ό κ. Μαύρος, αναφερθείς είς τάς υπηρεσιακάς κυβερνήσεις, υπεστήριξεν ότι αύται πρέπει νά έχουν ώς μόνον σκοπόν τήν διεξαγωγήν αδιάβλητων εκλογών καί ότι τό πολίτευμα πρέπει νά εξασφαλίζη τήν ουδετερότητά των.

ΑΙ ΥΠΗΡΕΣΙΑΚΑΙ ΚΥΒΕΡΝΗΣΕΙΣ

ΑΘΗΝΑΙ, 16.— Είς τήν βουλήν συνεχίσθη ή συζήτησις επί τών άρθρων τού νομοσχεδίου διά τήν συγκρότησιν καί τήν άποστολήν τής κυβερνήσεως. Ώμίλησαν ο αρχηγός τής αξιωματικής αντιπολιτεύσεως και ο κ. Παπανδρέου.

Ό κ. Α. Παπανδρέου απήντησεν ότι ή κυβέρνησις τού 1961 απέδειξεν πώς δέν πρέπει νά λειτουργή μία υπηρεσιακή κυβέρνησις καί ότι τό νέον Σύνταγμα προβλέπει ρητώς τάς αρμοδιότητάς της.

Ό κ. Μαύρος, αναφερθείς είς τάς υπηρεσιακάς κυβερνήσεις, υπεστήριξεν ότι αύται πρέπει νά έχουν ώς μόνον σκοπόν τήν διεξαγωγήν αδιάβλητων εκλογών καί ότι τό πολίτευμα πρέπει νά εξασφαλίζη τήν ουδετερότητά των.

ΓΡΕΒΕΝΑ, 16.— Ό ύπουργός Βορείου Ελλάδος κ. Μάρτης επεσκέφθη σήμερον τά Γρεβενά καί τήν Δεσκάτην, όπου συνεργάσθη μέ τάς τοπικάς αρχάς διά τήν εξέτασιν τών τοπικών θεμάτων καί τήν αξιοποίησιν τών πλουτοπαραγωγικών πηγών τής περιοχής.

ΓΡΕΒΕΝΑ, 16.— Ό ύπουργός Βορείου Ελλάδος κ. Μάρτης επεσκέφθη σήμερον τά Γρεβενά καί τήν Δεσκάτην, όπου συνεργάσθη μέ τάς τοπικάς αρχάς διά τήν εξέτασιν τών τοπικών θεμάτων καί τήν αξιοποίησιν τών πλουτοπαραγωγικών πηγών τής περιοχής.

ΓΡΕΒΕΝΑ, 16.— Ό ύπουργός Βορείου Ελλάδος κ. Μάρτης επεσκέφθη σήμερον τά Γρεβενά καί τήν Δεσκάτην, όπου συνεργάσθη μέ τάς τοπικάς αρχάς διά τήν εξέτασιν τών τοπικών θεμάτων καί τήν αξιοποίησιν τών πλουτοπαραγωγικών πηγών τής περιοχής.

ΓΡΕΒΕΝΑ, 16.— Ό ύπουργός Βορείου Ελλάδος κ. Μάρτης επεσκέφθη σήμερον τά Γρεβενά καί τήν Δεσκάτην, όπου συνεργάσθη μέ τάς τοπικάς αρχάς διά τήν εξέτασιν τών τοπικών θεμάτων καί τήν αξιοποίησιν τών πλουτοπαραγωγικών πηγών τής περιοχής.

ΓΡΕΒΕΝΑ, 16.— Ό ύπουργός Βορείου Ελλάδος κ. Μάρτης επεσκέφθη σήμερον τά Γρεβενά καί τήν Δεσκάτην, όπου συνεργάσθη μέ τάς τοπικάς αρχάς διά τήν εξέτασιν τών τοπικών θεμάτων καί τήν αξιοποίησιν τών πλουτοπαραγωγικών πηγών τής περιοχής.

ΓΡΕΒΕΝΑ, 16.— Ό ύπουργός Βορείου Ελλάδος κ. Μάρτης επεσκέφθη σήμερον τά Γρεβενά καί τήν Δεσκάτην, όπου συνεργάσθη μέ τάς τοπικάς αρχάς διά τήν εξέτασιν τών τοπικών θεμάτων καί τήν αξιοποίησιν τών πλουτοπαραγωγικών πηγών τής περιοχής.

ΜΕ ΘΕΡΜΟΤΑΤΑΣ ΕΚΔΗΛΩΣΕΙΣ ΟΙ ΓΑΛΛΟΙ ΕΠΙΣΗΜΟΙ ΥΠΕΔΕΧΘΗΣΑΝ ΤΟΝ ΠΡΩΘΥΠΟΥΡΓΟΝ ΤΗΣ ΕΛΛΑΔΟΣ

Ό κ. Α. Παπανδρέου απήντησεν ότι ή κυβέρνησις τού 1961 απέδειξεν πώς δέν πρέπει νά λειτουργή μία υπηρεσιακή κυβέρνησις καί ότι τό νέον Σύνταγμα προβλέπει ρητώς τάς αρμοδιότητάς της.

Ό κ. Μαύρος, αναφερθείς είς τάς υπηρεσιακάς κυβερνήσεις, υπεστήριξεν ότι αύται πρέπει νά έχουν ώς μόνον σκοπόν τήν διεξαγωγήν αδιάβλητων εκλογών καί ότι τό πολίτευμα πρέπει νά εξασφαλίζη τήν ουδετερότητά των.

ΑΘΗΝΑΙ, 16.— Είς τήν βουλήν συνεχίσθη ή συζήτησις επί τών άρθρων τού νομοσχεδίου διά τήν συγκρότησιν καί τήν άποστολήν τής κυβερνήσεως. Ώμίλησαν ο αρχηγός τής αξιωματικής αντιπολιτεύσεως και ο κ. Παπανδρέου.

Ό κ. Α. Παπανδρέου απήντησεν ότι ή κυβέρνησις τού 1961 απέδειξεν πώς δέν πρέπει νά λειτουργή μία υπηρεσιακή κυβέρνησις καί ότι τό νέον Σύνταγμα προβλέπει ρητώς τάς αρμοδιότητάς της.

Ό κ. Μαύρος, αναφερθείς είς τάς υπηρεσιακάς κυβερνήσεις, υπεστήριξεν ότι αύται πρέπει νά έχουν ώς μόνον σκοπόν τήν διεξαγωγήν αδιάβλητων εκλογών καί ότι τό πολίτευμα πρέπει νά εξασφαλίζη τήν ουδετερότητά των.

ΑΘΗΝΑΙ, 16.— Είς τήν βουλήν συνεχίσθη ή συζήτησις επί τών άρθρων τού νομοσχεδίου διά τήν συγκρότησιν καί τήν άποστολήν τής κυβερνήσεως. Ώμίλησαν ο αρχηγός τής αξιωματικής αντιπολιτεύσεως και ο κ. Παπανδρέου.

Ό κ. Α. Παπανδρέου απήντησεν ότι ή κυβέρνησις τού 1961 απέδειξεν πώς δέν πρέπει νά λειτουργή μία υπηρεσιακή κυβέρνησις καί ότι τό νέον Σύνταγμα προβλέπει ρητώς τάς αρμοδιότητάς της.

Η ΑΝΑΧΩΡΗΣΙΣ ΕΚ ΤΩΝ ΑΘΗΝΩΝ

ΠΑΡΙΣΙΟΙ, 16.— Ό πρωθυπουργός τής Ελλάδος έγινε δεκτός μέ θερμοτάτας εκδηλώσεις από τούς Γάλλους επισήμους, οί όποίοι υπεγράμμισαν τούς παραδοσιακούς δεσμούς φιλίας τών δύο χωρών.

Ό κ. Μαύρος, αναφερθείς είς τάς υπηρεσιακάς κυβερνήσεις, υπεστήριξεν ότι αύται πρέπει νά έχουν ώς μόνον σκοπόν τήν διεξαγωγήν αδιάβλητων εκλογών καί ότι τό πολίτευμα πρέπει νά εξασφαλίζη τήν ουδετερότητά των.

ΣΥΝΕΧΕΙΑ ΕΚ ΤΗΣ 1ης ΣΕΛ.

ΠΑΡΙΣΙΟΙ, 16.— Ό πρωθυπουργός τής Ελλάδος έγινε δεκτός μέ θερμοτάτας εκδηλώσεις από τούς Γάλλους επισήμους, οί όποίοι υπεγράμμισαν τούς παραδοσιακούς δεσμούς φιλίας τών δύο χωρών.

ΠΑΡΙΣΙΟΙ, 16.— Ό πρωθυπουργός τής Ελλάδος έγινε δεκτός μέ θερμοτάτας εκδηλώσεις από τούς Γάλλους επισήμους, οί όποίοι υπεγράμμισαν τούς παραδοσιακούς δεσμούς φιλίας τών δύο χωρών.

ΠΑΡΙΣΙΟΙ, 16.— Ό πρωθυπουργός τής Ελλάδος έγινε δεκτός μέ θερμοτάτας εκδηλώσεις από τούς Γάλλους επισήμους, οί όποίοι υπεγράμμισαν τούς παραδοσιακούς δεσμούς φιλίας τών δύο χωρών.

ΠΑΡΙΣΙΟΙ, 16.— Ό πρωθυπουργός τής Ελλάδος έγινε δεκτός μέ θερμοτάτας εκδηλώσεις από τούς Γάλλους επισήμους, οί όποίοι υπεγράμμισαν τούς παραδοσιακούς δεσμούς φιλίας τών δύο χωρών.

ΠΑΡΙΣΙΟΙ, 16.— Ό πρωθυπουργός τής Ελλάδος έγινε δεκτός μέ θερμοτάτας εκδηλώσεις από τούς Γάλλους επισήμους, οί όποίοι υπεγράμμισαν τούς παραδοσιακούς δεσμούς φιλίας τών δύο χωρών.

ΠΑΡΙΣΙΟΙ, 16.— Ό πρωθυπουργός τής Ελλάδος έγινε δεκτός μέ θερμοτάτας εκδηλώσεις από τούς Γάλλους επισήμους, οί όποίοι υπεγράμμισαν τούς παραδοσιακούς δεσμούς φιλίας τών δύο χωρών.

ΠΑΡΙΣΙΟΙ, 16.— Ό πρωθυπουργός τής Ελλάδος έγινε δεκτός μέ θερμοτάτας εκδηλώσεις από τούς Γάλλους επισήμους, οί όποίοι υπεγράμμισαν τούς παραδοσιακούς δεσμούς φιλίας τών δύο χωρών.

ΠΑΡΙΣΙΟΙ, 16.— Ό πρωθυπουργός τής Ελλάδος έγινε δεκτός μέ θερμοτάτας εκδηλώσεις από τούς Γάλλους επισήμους, οί όποίοι υπεγράμμισαν τούς παραδοσιακούς δεσμούς φιλίας τών δύο χωρών.

ΠΑΡΙΣΙΟΙ, 16.— Ό πρωθυπουργός τής Ελλάδος έγινε δεκτός μέ θερμοτάτας εκδηλώσεις από τούς Γάλλους επισήμους, οί όποίοι υπεγράμμισαν τούς παραδοσιακούς δεσμούς φιλίας τών δύο χωρών.

ΠΑΡΙΣΙΟΙ, 16.— Ό πρωθυπουργός τής Ελλάδος έγινε δεκτός μέ θερμοτάτας εκδηλώσεις από τούς Γάλλους επισήμους, οί όποίοι υπεγράμμισαν τούς παραδοσιακούς δεσμούς φιλίας τών δύο χωρών.

ΠΑΡΙΣΙΟΙ, 16.— Ό πρωθυπουργός τής Ελλάδος έγινε δεκτός μέ θερμοτάτας εκδηλώσεις από τούς Γάλλους επισήμους, οί όποίοι υπεγράμμισαν τούς παραδοσιακούς δεσμούς φιλίας τών δύο χωρών.

ΙΣΡΑΗΛΙΝΟΣ ΔΙΠΛΩΜΑΤΗΣ ΕΠΕΣΚΕΦΘΗ ΤΟΝ ΠΡΟΕΔΡΟΝ ΤΗΣ ΒΟΥΛΗΣ

ΑΘΗΝΑΙ, 16.— Τόν πρόεδρο τής Βουλής κ. Παπασπύρου επεσκέφθη σήμερον ό διπλωματικός αντιπρόσωπος τού Ισραήλ είς τάς Αθήνας, μέ τόν όποίον συνεζήτησε θέματα κοινού ενδιαφέροντος.

ΛΕΣΧΗ ΛΑ'ΟΝΣ ΚΑΙ ΣΤΟ ΚΙΛΚΙΣ

ΚΙΛΚΙΣ, 16.— Έγκαινιάσθηκε ή νέα λέσχη τής ΛΑ'ΟΝΣ είς τό Κιλκίς παρουσία τοπικών παραγόντων καί πλήθους νέων τής περιοχής.

ΚΙΛΚΙΣ, 16.— Έγκαινιάσθηκε ή νέα λέσχη τής ΛΑ'ΟΝΣ είς τό Κιλκίς παρουσία τοπικών παραγόντων καί πλήθους νέων τής περιοχής.
